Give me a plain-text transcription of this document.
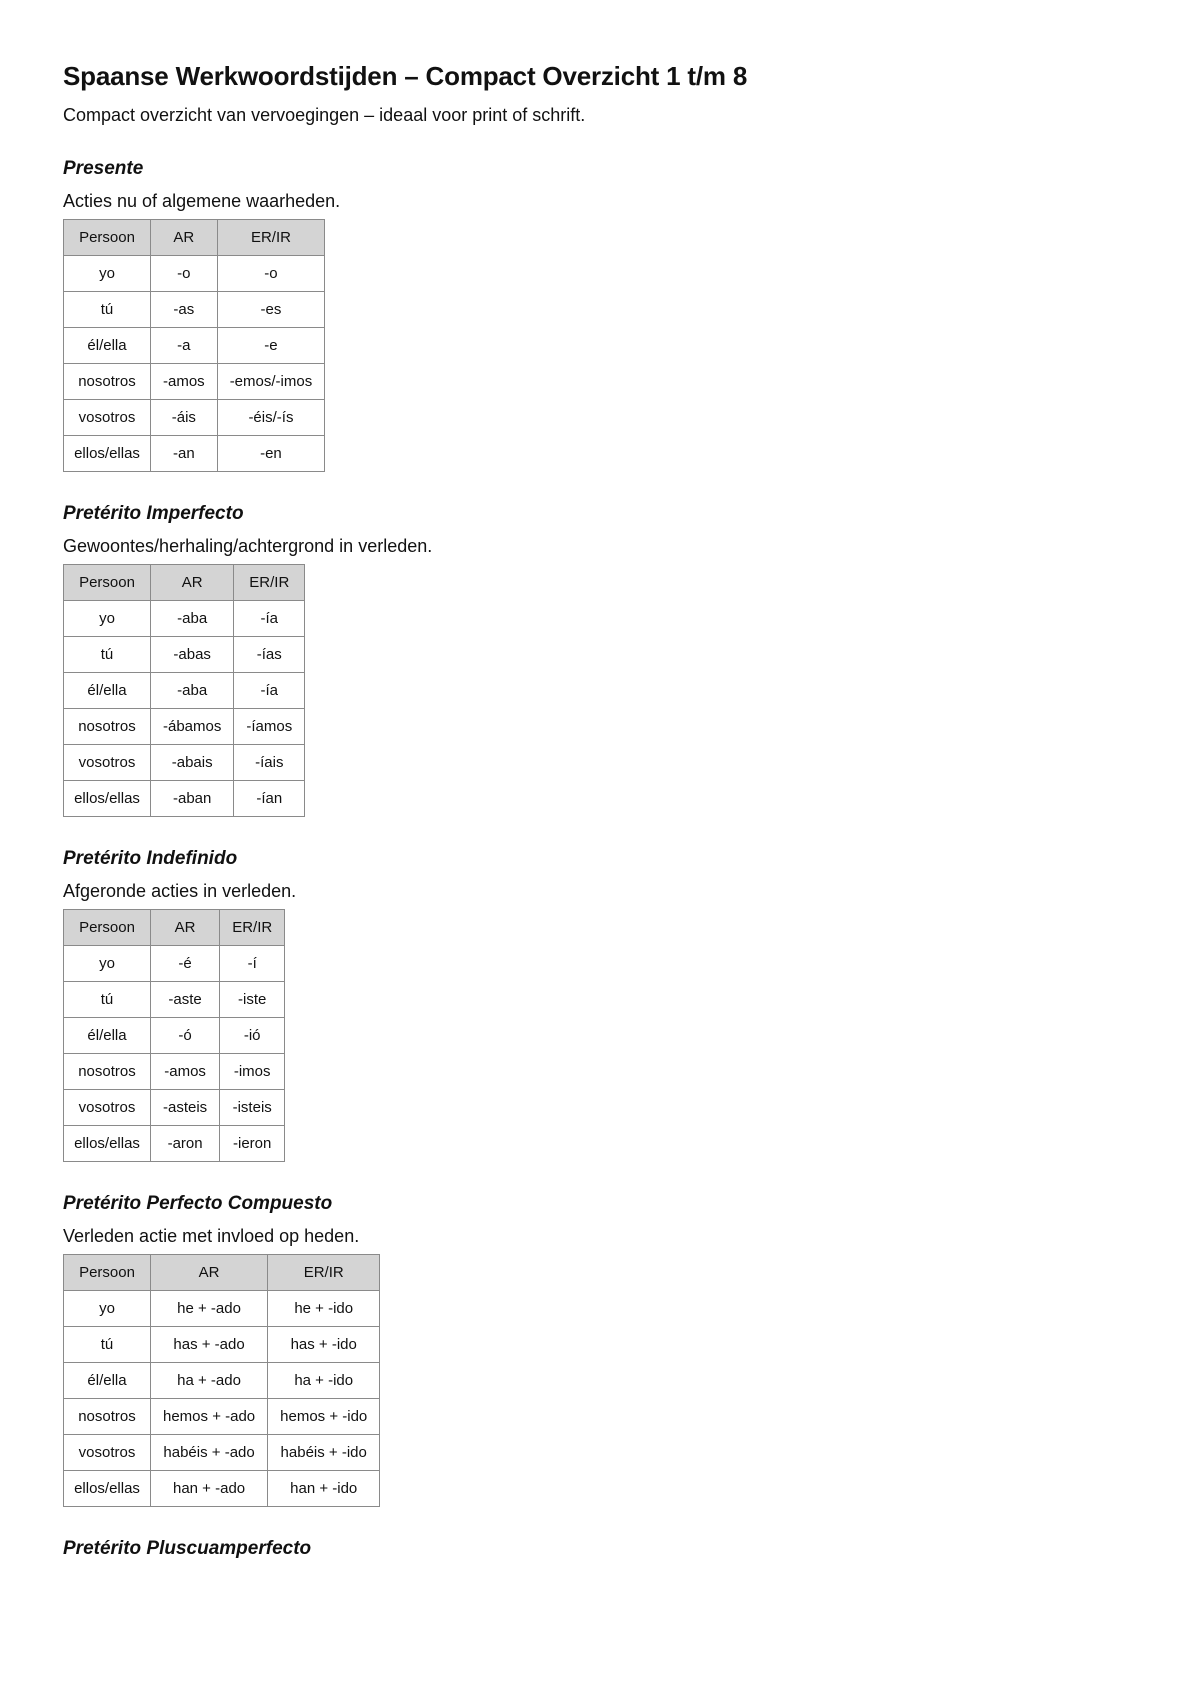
Spaanse Werkwoordstijden – Compact Overzicht 1 t/m 8

Compact overzicht van vervoegingen – ideaal voor print of schrift.

Presente

Acties nu of algemene waarheden.

Persoon	AR	ER/IR
yo	-o	-o
tú	-as	-es
él/ella	-a	-e
nosotros	-amos	-emos/-imos
vosotros	-áis	-éis/-ís
ellos/ellas	-an	-en
Pretérito Imperfecto

Gewoontes/herhaling/achtergrond in verleden.

Persoon	AR	ER/IR
yo	-aba	-ía
tú	-abas	-ías
él/ella	-aba	-ía
nosotros	-ábamos	-íamos
vosotros	-abais	-íais
ellos/ellas	-aban	-ían
Pretérito Indefinido

Afgeronde acties in verleden.

Persoon	AR	ER/IR
yo	-é	-í
tú	-aste	-iste
él/ella	-ó	-ió
nosotros	-amos	-imos
vosotros	-asteis	-isteis
ellos/ellas	-aron	-ieron
Pretérito Perfecto Compuesto

Verleden actie met invloed op heden.

Persoon	AR	ER/IR
yo	he + -ado	he + -ido
tú	has + -ado	has + -ido
él/ella	ha + -ado	ha + -ido
nosotros	hemos + -ado	hemos + -ido
vosotros	habéis + -ado	habéis + -ido
ellos/ellas	han + -ado	han + -ido
Pretérito Pluscuamperfecto
